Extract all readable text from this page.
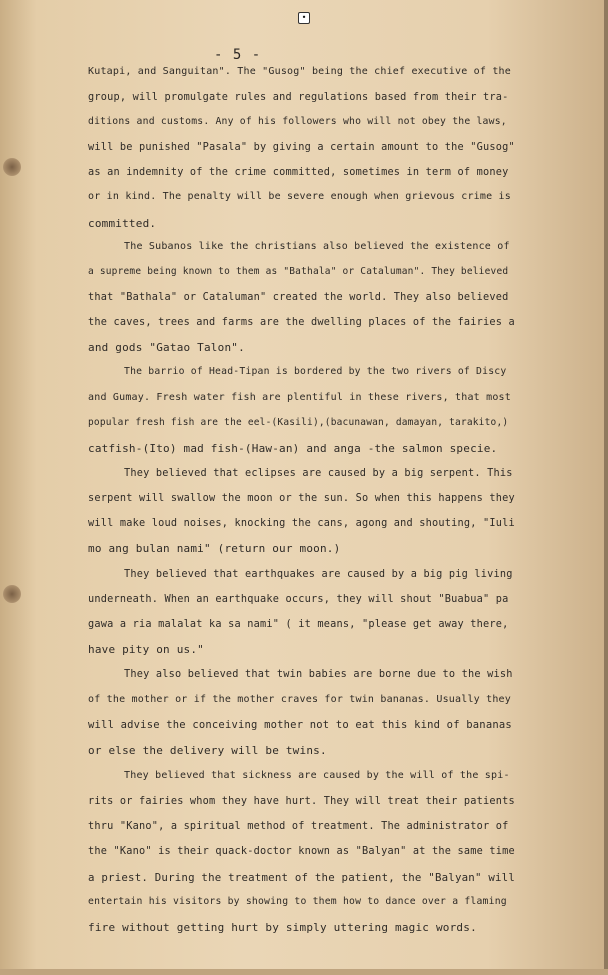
•
- 5 -
Kutapi, and Sanguitan". The "Gusog" being the chief executive of the
group, will promulgate rules and regulations based from their tra-
ditions and customs. Any of his followers who will not obey the laws,
will be punished "Pasala" by giving a certain amount to the "Gusog"
as an indemnity of the crime committed, sometimes in term of money
or in kind. The penalty will be severe enough when grievous crime is
committed.
The Subanos like the christians also believed the existence of
a supreme being known to them as "Bathala" or Cataluman". They believed
that "Bathala" or Cataluman" created the world. They also believed
the caves, trees and farms are the dwelling places of the fairies a
and gods "Gatao Talon".
The barrio of Head-Tipan is bordered by the two rivers of Discy
and Gumay. Fresh water fish are plentiful in these rivers, that most
popular fresh fish are the eel-(Kasili),(bacunawan, damayan, tarakito,)
catfish-(Ito) mad fish-(Haw-an) and anga -the salmon specie.
They believed that eclipses are caused by a big serpent. This
serpent will swallow the moon or the sun. So when this happens they
will make loud noises, knocking the cans, agong and shouting, "Iuli
mo ang bulan nami" (return our moon.)
They believed that earthquakes are caused by a big pig living
underneath. When an earthquake occurs, they will shout "Buabua" pa
gawa a ria malalat ka sa nami" ( it means, "please get away there,
have pity on us."
They also believed that twin babies are borne due to the wish
of the mother or if the mother craves for twin bananas. Usually they
will advise the conceiving mother not to eat this kind of bananas
or else the delivery will be twins.
They believed that sickness are caused by the will of the spi-
rits or fairies whom they have hurt. They will treat their patients
thru "Kano", a spiritual method of treatment. The administrator of
the "Kano" is their quack-doctor known as "Balyan" at the same time
a priest. During the treatment of the patient, the "Balyan" will
entertain his visitors by showing to them how to dance over a flaming
fire without getting hurt by simply uttering magic words.
